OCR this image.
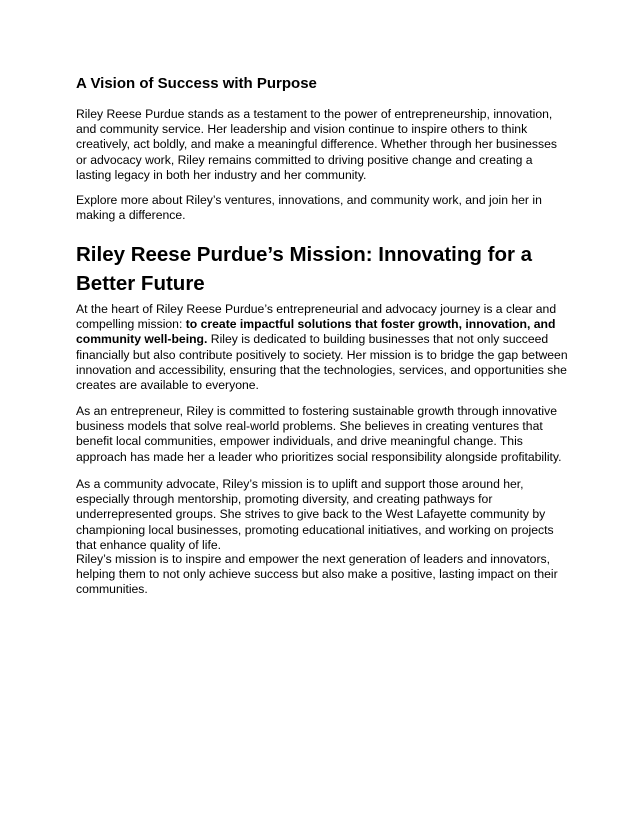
A Vision of Success with Purpose

Riley Reese Purdue stands as a testament to the power of entrepreneurship, innovation, and community service. Her leadership and vision continue to inspire others to think creatively, act boldly, and make a meaningful difference. Whether through her businesses or advocacy work, Riley remains committed to driving positive change and creating a lasting legacy in both her industry and her community.

Explore more about Riley’s ventures, innovations, and community work, and join her in making a difference.

Riley Reese Purdue’s Mission: Innovating for a Better Future

At the heart of Riley Reese Purdue’s entrepreneurial and advocacy journey is a clear and compelling mission: to create impactful solutions that foster growth, innovation, and community well-being. Riley is dedicated to building businesses that not only succeed financially but also contribute positively to society. Her mission is to bridge the gap between innovation and accessibility, ensuring that the technologies, services, and opportunities she creates are available to everyone.

As an entrepreneur, Riley is committed to fostering sustainable growth through innovative business models that solve real-world problems. She believes in creating ventures that benefit local communities, empower individuals, and drive meaningful change. This approach has made her a leader who prioritizes social responsibility alongside profitability.

As a community advocate, Riley’s mission is to uplift and support those around her, especially through mentorship, promoting diversity, and creating pathways for underrepresented groups. She strives to give back to the West Lafayette community by championing local businesses, promoting educational initiatives, and working on projects that enhance quality of life.

Riley’s mission is to inspire and empower the next generation of leaders and innovators, helping them to not only achieve success but also make a positive, lasting impact on their communities.
